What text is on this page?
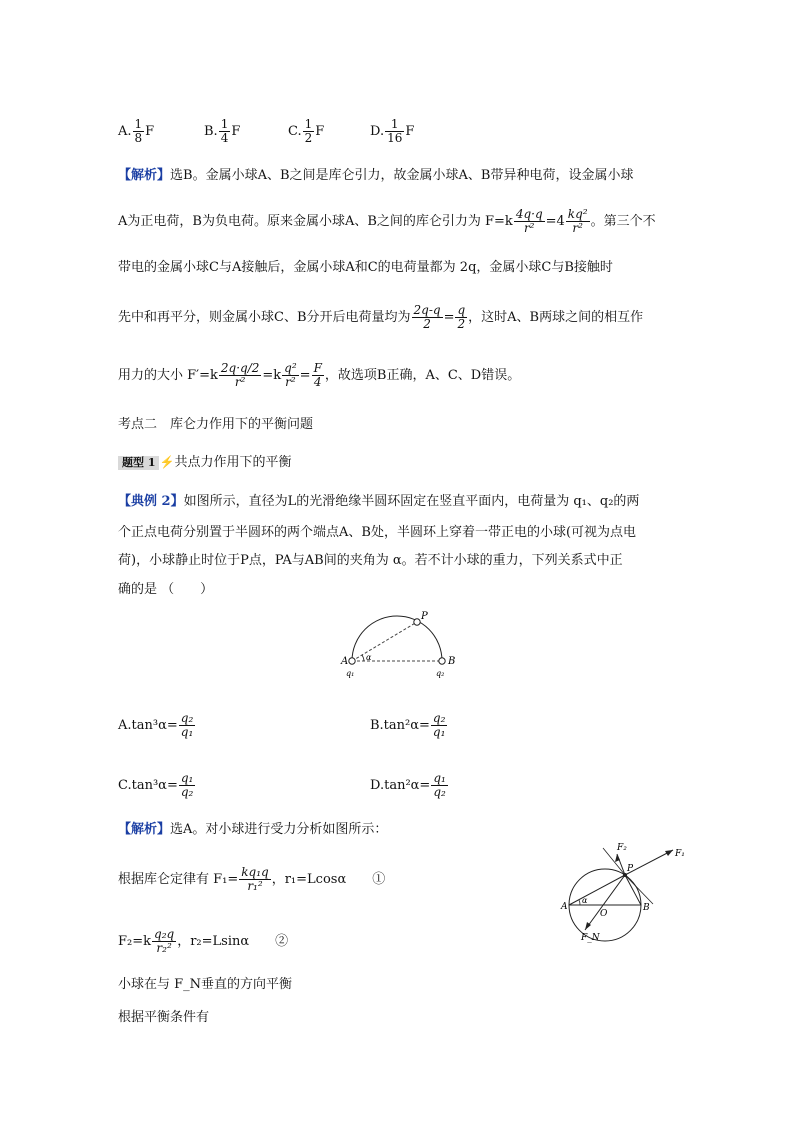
A. $\frac{1}{8}$ F	B. $\frac{1}{4}$ F	C. $\frac{1}{2}$ F	D. $\frac{1}{16}$ F
【解析】选B。金属小球A、B之间是库仑引力，故金属小球A、B带异种电荷，设金属小球
A为正电荷，B为负电荷。原来金属小球A、B之间的库仑引力为 $F=k \frac{4q\cdot q}{\text{r²}} =4 \frac{\text{kq²}}{\text{r²}}$ 。第三个不
带电的金属小球C与A接触后，金属小球A和C的电荷量都为 2q，金属小球C与B接触时
先中和再平分，则金属小球C、B分开后电荷量均为 $\frac{2q-q}{2} = \frac{q}{2}$ ，这时A、B两球之间的相互作
用力的大小 $F'=k \frac{2q\cdot q/2}{\text{r²}} =k \frac{\text{q²}}{\text{r²}} = \frac{F}{4}$ ，故选项B正确，A、C、D错误。
考点二　库仑力作用下的平衡问题
题型 1 ⚡共点力作用下的平衡
【典例 2】如图所示，直径为L的光滑绝缘半圆环固定在竖直平面内，电荷量为 q₁、q₂的两
个正点电荷分别置于半圆环的两个端点A、B处，半圆环上穿着一带正电的小球(可视为点电
荷)，小球静止时位于P点，PA与AB间的夹角为 α。若不计小球的重力，下列关系式中正
确的是 （　　）
A	B
P
α
q₁	q₂
$A.\tan^3\alpha= \frac{\text{q₂}}{\text{q₁}}$	$B.\tan^2\alpha= \frac{\text{q₂}}{\text{q₁}}$
$C.\tan^3\alpha= \frac{\text{q₁}}{\text{q₂}}$	$D.\tan^2\alpha= \frac{\text{q₁}}{\text{q₂}}$
【解析】选A。对小球进行受力分析如图所示：
根据库仑定律有 $F_1= \frac{\text{kq₁q}}{\text{r₁²}}$ ，r₁=Lcosα　　①
$F_2=k \frac{\text{q₂q}}{\text{r₂²}}$ ，r₂=Lsinα　　②
小球在与 F_N垂直的方向平衡
根据平衡条件有
F₁
F₂
F_N
P
A	B
O
α
